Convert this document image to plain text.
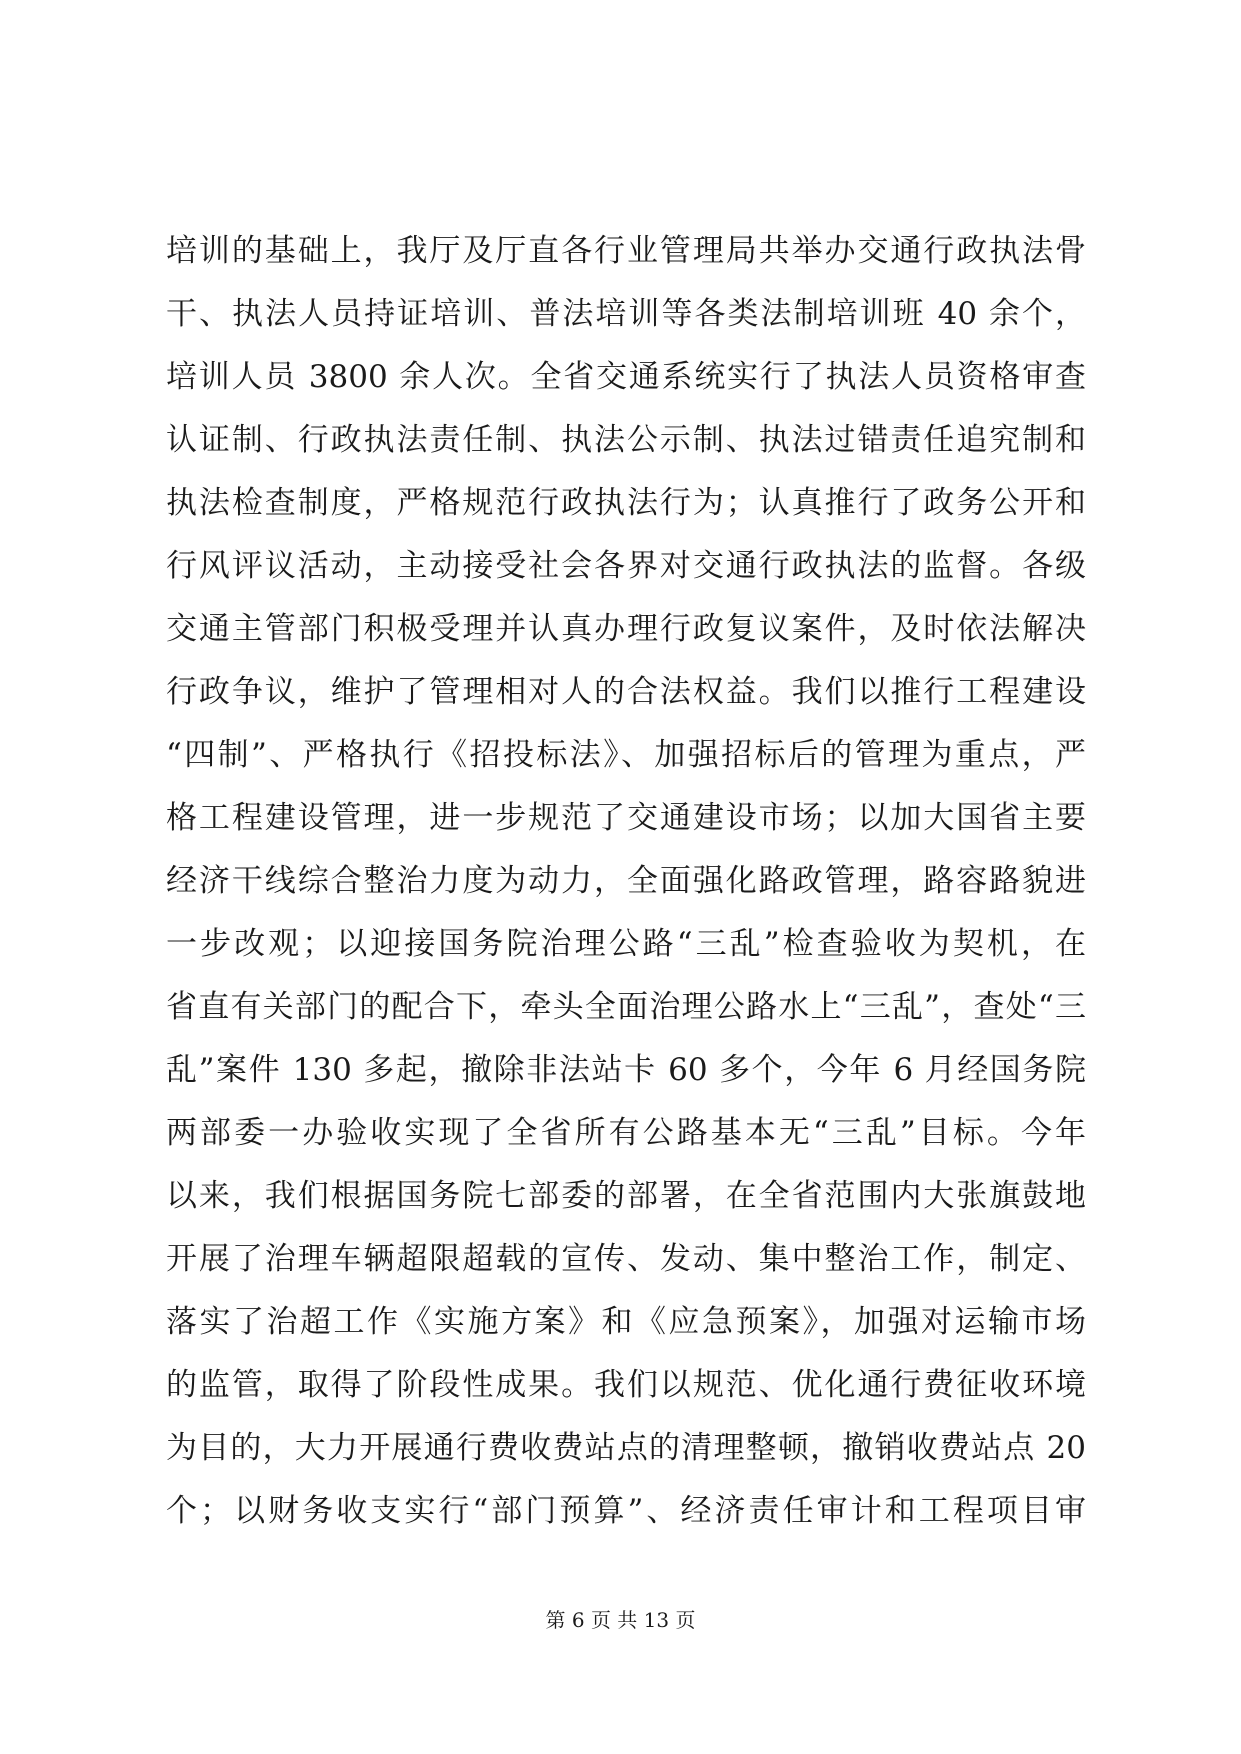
培训的基础上，我厅及厅直各行业管理局共举办交通行政执法骨
干、执法人员持证培训、普法培训等各类法制培训班 40 余个，
培训人员 3800 余人次。全省交通系统实行了执法人员资格审查
认证制、行政执法责任制、执法公示制、执法过错责任追究制和
执法检查制度，严格规范行政执法行为；认真推行了政务公开和
行风评议活动，主动接受社会各界对交通行政执法的监督。各级
交通主管部门积极受理并认真办理行政复议案件，及时依法解决
行政争议，维护了管理相对人的合法权益。我们以推行工程建设
“四制”、严格执行《招投标法》、加强招标后的管理为重点，严
格工程建设管理，进一步规范了交通建设市场；以加大国省主要
经济干线综合整治力度为动力，全面强化路政管理，路容路貌进
一步改观；以迎接国务院治理公路“三乱”检查验收为契机，在
省直有关部门的配合下，牵头全面治理公路水上“三乱”，查处“三
乱”案件 130 多起，撤除非法站卡 60 多个，今年 6 月经国务院
两部委一办验收实现了全省所有公路基本无“三乱”目标。今年
以来，我们根据国务院七部委的部署，在全省范围内大张旗鼓地
开展了治理车辆超限超载的宣传、发动、集中整治工作，制定、
落实了治超工作《实施方案》和《应急预案》，加强对运输市场
的监管，取得了阶段性成果。我们以规范、优化通行费征收环境
为目的，大力开展通行费收费站点的清理整顿，撤销收费站点 20
个；以财务收支实行“部门预算”、经济责任审计和工程项目审
第 6 页 共 13 页
